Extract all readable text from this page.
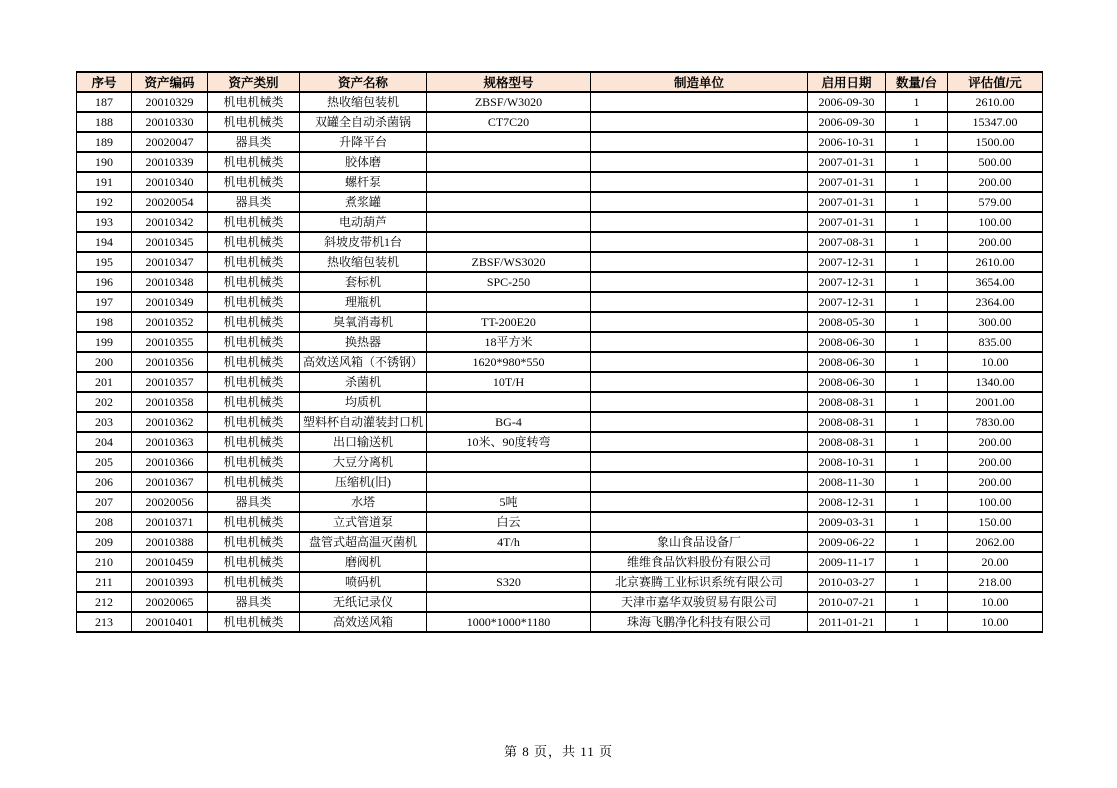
序号	资产编码	资产类别	资产名称	规格型号	制造单位	启用日期	数量/台	评估值/元

187	20010329	机电机械类	热收缩包装机	ZBSF/W3020		2006-09-30	1	2610.00

188	20010330	机电机械类	双罐全自动杀菌锅	CT7C20		2006-09-30	1	15347.00

189	20020047	器具类	升降平台			2006-10-31	1	1500.00

190	20010339	机电机械类	胶体磨			2007-01-31	1	500.00

191	20010340	机电机械类	螺杆泵			2007-01-31	1	200.00

192	20020054	器具类	煮浆罐			2007-01-31	1	579.00

193	20010342	机电机械类	电动葫芦			2007-01-31	1	100.00

194	20010345	机电机械类	斜坡皮带机1台			2007-08-31	1	200.00

195	20010347	机电机械类	热收缩包装机	ZBSF/WS3020		2007-12-31	1	2610.00

196	20010348	机电机械类	套标机	SPC-250		2007-12-31	1	3654.00

197	20010349	机电机械类	理瓶机			2007-12-31	1	2364.00

198	20010352	机电机械类	臭氧消毒机	TT-200E20		2008-05-30	1	300.00

199	20010355	机电机械类	换热器	18平方米		2008-06-30	1	835.00

200	20010356	机电机械类	高效送风箱（不锈钢）	1620*980*550		2008-06-30	1	10.00

201	20010357	机电机械类	杀菌机	10T/H		2008-06-30	1	1340.00

202	20010358	机电机械类	均质机			2008-08-31	1	2001.00

203	20010362	机电机械类	塑料杯自动灌装封口机	BG-4		2008-08-31	1	7830.00

204	20010363	机电机械类	出口输送机	10米、90度转弯		2008-08-31	1	200.00

205	20010366	机电机械类	大豆分离机			2008-10-31	1	200.00

206	20010367	机电机械类	压缩机(旧)			2008-11-30	1	200.00

207	20020056	器具类	水塔	5吨		2008-12-31	1	100.00

208	20010371	机电机械类	立式管道泵	白云		2009-03-31	1	150.00

209	20010388	机电机械类	盘管式超高温灭菌机	4T/h	象山食品设备厂	2009-06-22	1	2062.00

210	20010459	机电机械类	磨阀机		维维食品饮料股份有限公司	2009-11-17	1	20.00

211	20010393	机电机械类	喷码机	S320	北京赛腾工业标识系统有限公司	2010-03-27	1	218.00

212	20020065	器具类	无纸记录仪		天津市嘉华双骏贸易有限公司	2010-07-21	1	10.00

213	20010401	机电机械类	高效送风箱	1000*1000*1180	珠海飞鹏净化科技有限公司	2011-01-21	1	10.00
第 8 页，共 11 页
